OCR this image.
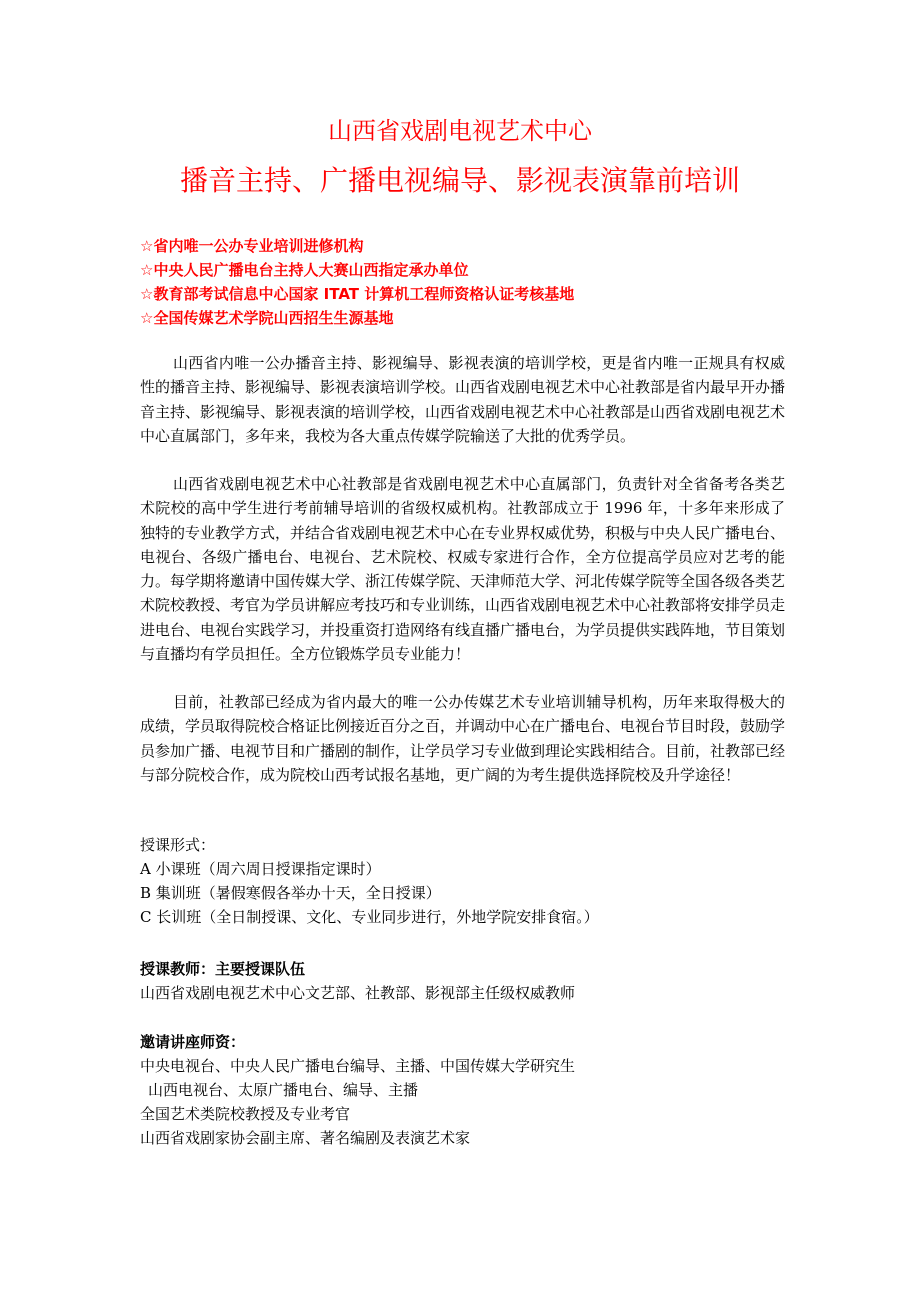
山西省戏剧电视艺术中心
播音主持、广播电视编导、影视表演靠前培训
☆省内唯一公办专业培训进修机构
☆中央人民广播电台主持人大赛山西指定承办单位
☆教育部考试信息中心国家 ITAT 计算机工程师资格认证考核基地
☆全国传媒艺术学院山西招生生源基地

山西省内唯一公办播音主持、影视编导、影视表演的培训学校，更是省内唯一正规具有权威性的播音主持、影视编导、影视表演培训学校。山西省戏剧电视艺术中心社教部是省内最早开办播音主持、影视编导、影视表演的培训学校，山西省戏剧电视艺术中心社教部是山西省戏剧电视艺术中心直属部门，多年来，我校为各大重点传媒学院输送了大批的优秀学员。

山西省戏剧电视艺术中心社教部是省戏剧电视艺术中心直属部门，负责针对全省备考各类艺术院校的高中学生进行考前辅导培训的省级权威机构。社教部成立于 1996 年，十多年来形成了独特的专业教学方式，并结合省戏剧电视艺术中心在专业界权威优势，积极与中央人民广播电台、电视台、各级广播电台、电视台、艺术院校、权威专家进行合作，全方位提高学员应对艺考的能力。每学期将邀请中国传媒大学、浙江传媒学院、天津师范大学、河北传媒学院等全国各级各类艺术院校教授、考官为学员讲解应考技巧和专业训练，山西省戏剧电视艺术中心社教部将安排学员走进电台、电视台实践学习，并投重资打造网络有线直播广播电台，为学员提供实践阵地，节目策划与直播均有学员担任。全方位锻炼学员专业能力！

目前，社教部已经成为省内最大的唯一公办传媒艺术专业培训辅导机构，历年来取得极大的成绩，学员取得院校合格证比例接近百分之百，并调动中心在广播电台、电视台节目时段，鼓励学员参加广播、电视节目和广播剧的制作，让学员学习专业做到理论实践相结合。目前，社教部已经与部分院校合作，成为院校山西考试报名基地，更广阔的为考生提供选择院校及升学途径！

授课形式：
A 小课班（周六周日授课指定课时）
B 集训班（暑假寒假各举办十天，全日授课）
C 长训班（全日制授课、文化、专业同步进行，外地学院安排食宿。）
授课教师：主要授课队伍
山西省戏剧电视艺术中心文艺部、社教部、影视部主任级权威教师
邀请讲座师资：
中央电视台、中央人民广播电台编导、主播、中国传媒大学研究生
山西电视台、太原广播电台、编导、主播
全国艺术类院校教授及专业考官
山西省戏剧家协会副主席、著名编剧及表演艺术家
